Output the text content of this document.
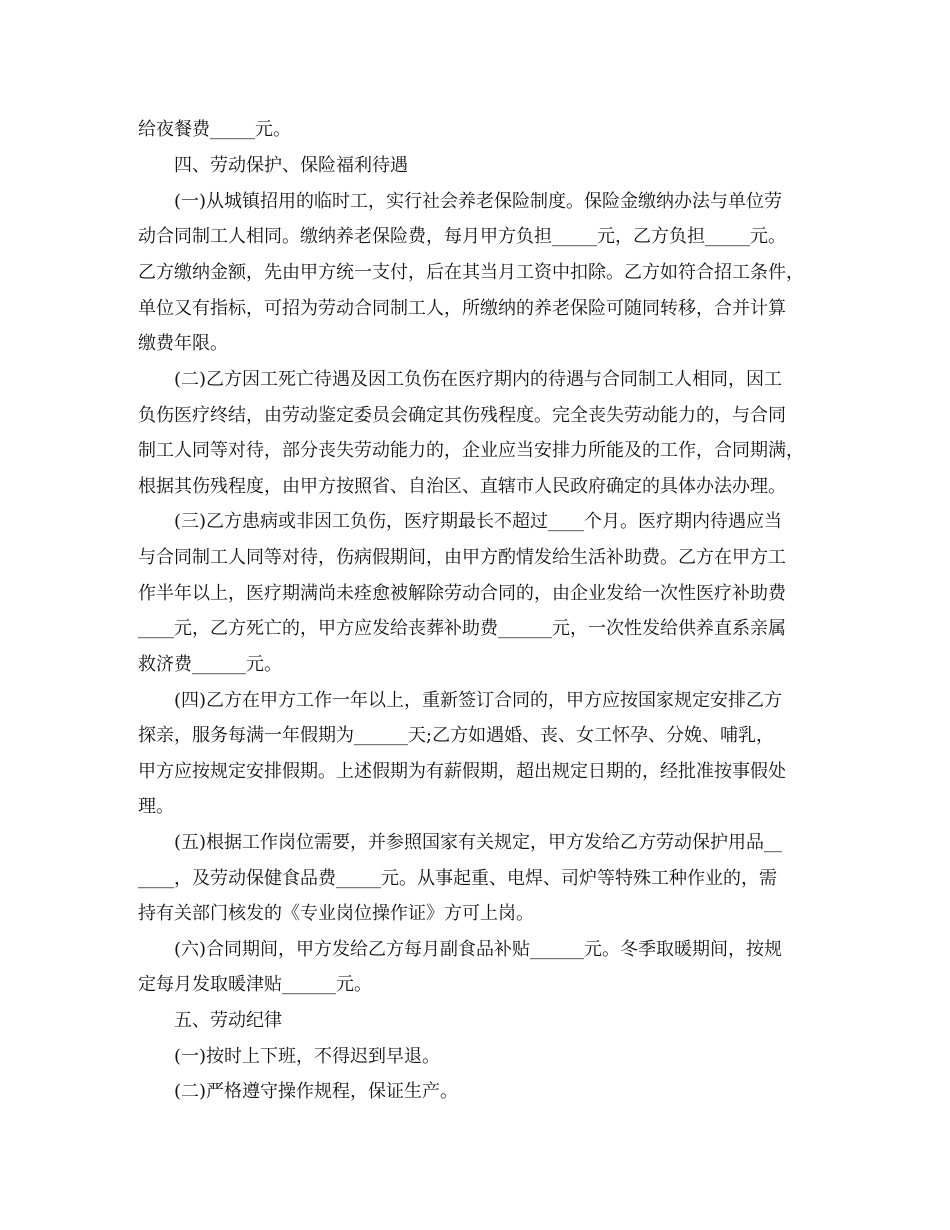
给夜餐费_____元。
四、劳动保护、保险福利待遇
(一)从城镇招用的临时工，实行社会养老保险制度。保险金缴纳办法与单位劳
动合同制工人相同。缴纳养老保险费，每月甲方负担_____元，乙方负担_____元。
乙方缴纳金额，先由甲方统一支付，后在其当月工资中扣除。乙方如符合招工条件，
单位又有指标，可招为劳动合同制工人，所缴纳的养老保险可随同转移，合并计算
缴费年限。
(二)乙方因工死亡待遇及因工负伤在医疗期内的待遇与合同制工人相同，因工
负伤医疗终结，由劳动鉴定委员会确定其伤残程度。完全丧失劳动能力的，与合同
制工人同等对待，部分丧失劳动能力的，企业应当安排力所能及的工作，合同期满，
根据其伤残程度，由甲方按照省、自治区、直辖市人民政府确定的具体办法办理。
(三)乙方患病或非因工负伤，医疗期最长不超过____个月。医疗期内待遇应当
与合同制工人同等对待，伤病假期间，由甲方酌情发给生活补助费。乙方在甲方工
作半年以上，医疗期满尚未痊愈被解除劳动合同的，由企业发给一次性医疗补助费
____元，乙方死亡的，甲方应发给丧葬补助费______元，一次性发给供养直系亲属
救济费______元。
(四)乙方在甲方工作一年以上，重新签订合同的，甲方应按国家规定安排乙方
探亲，服务每满一年假期为______天;乙方如遇婚、丧、女工怀孕、分娩、哺乳，
甲方应按规定安排假期。上述假期为有薪假期，超出规定日期的，经批准按事假处
理。
(五)根据工作岗位需要，并参照国家有关规定，甲方发给乙方劳动保护用品__
____，及劳动保健食品费_____元。从事起重、电焊、司炉等特殊工种作业的，需
持有关部门核发的《专业岗位操作证》方可上岗。
(六)合同期间，甲方发给乙方每月副食品补贴______元。冬季取暖期间，按规
定每月发取暖津贴______元。
五、劳动纪律
(一)按时上下班，不得迟到早退。
(二)严格遵守操作规程，保证生产。
